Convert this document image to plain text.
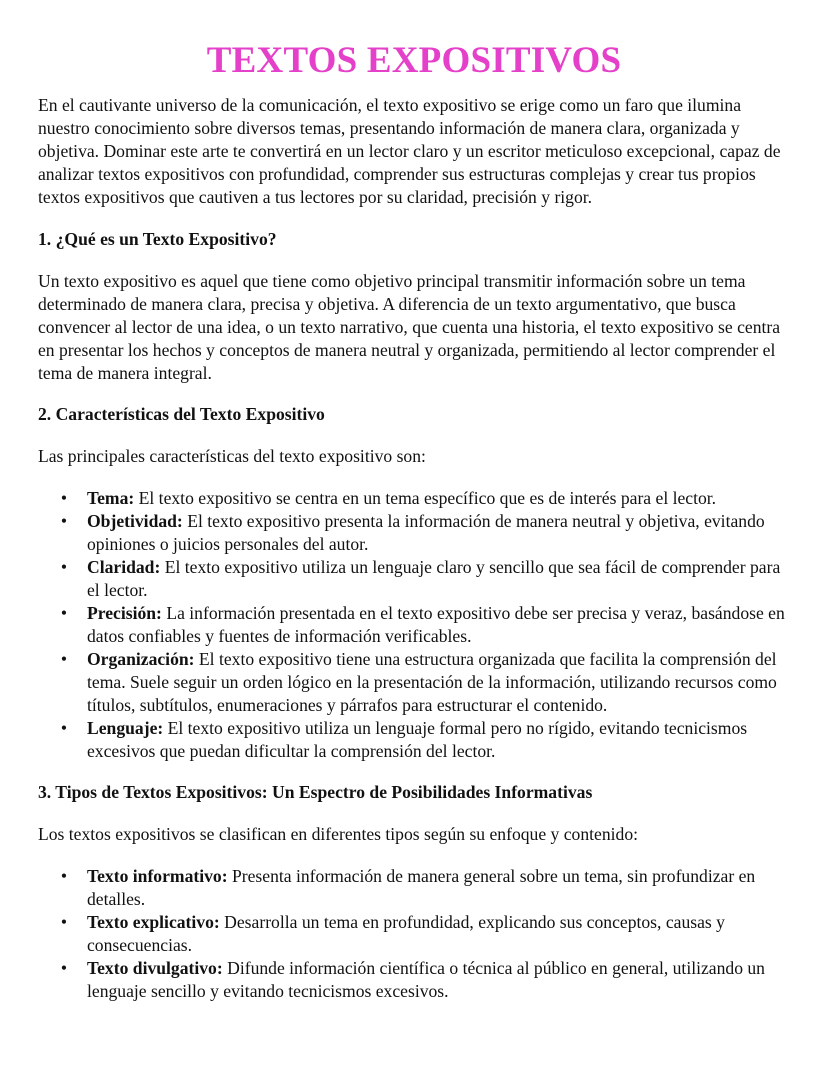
TEXTOS EXPOSITIVOS

En el cautivante universo de la comunicación, el texto expositivo se erige como un faro que ilumina nuestro conocimiento sobre diversos temas, presentando información de manera clara, organizada y objetiva. Dominar este arte te convertirá en un lector claro y un escritor meticuloso excepcional, capaz de analizar textos expositivos con profundidad, comprender sus estructuras complejas y crear tus propios textos expositivos que cautiven a tus lectores por su claridad, precisión y rigor.

1. ¿Qué es un Texto Expositivo?

Un texto expositivo es aquel que tiene como objetivo principal transmitir información sobre un tema determinado de manera clara, precisa y objetiva. A diferencia de un texto argumentativo, que busca convencer al lector de una idea, o un texto narrativo, que cuenta una historia, el texto expositivo se centra en presentar los hechos y conceptos de manera neutral y organizada, permitiendo al lector comprender el tema de manera integral.

2. Características del Texto Expositivo

Las principales características del texto expositivo son:

• Tema: El texto expositivo se centra en un tema específico que es de interés para el lector.
• Objetividad: El texto expositivo presenta la información de manera neutral y objetiva, evitando opiniones o juicios personales del autor.
• Claridad: El texto expositivo utiliza un lenguaje claro y sencillo que sea fácil de comprender para el lector.
• Precisión: La información presentada en el texto expositivo debe ser precisa y veraz, basándose en datos confiables y fuentes de información verificables.
• Organización: El texto expositivo tiene una estructura organizada que facilita la comprensión del tema. Suele seguir un orden lógico en la presentación de la información, utilizando recursos como títulos, subtítulos, enumeraciones y párrafos para estructurar el contenido.
• Lenguaje: El texto expositivo utiliza un lenguaje formal pero no rígido, evitando tecnicismos excesivos que puedan dificultar la comprensión del lector.
3. Tipos de Textos Expositivos: Un Espectro de Posibilidades Informativas

Los textos expositivos se clasifican en diferentes tipos según su enfoque y contenido:

• Texto informativo: Presenta información de manera general sobre un tema, sin profundizar en detalles.
• Texto explicativo: Desarrolla un tema en profundidad, explicando sus conceptos, causas y consecuencias.
• Texto divulgativo: Difunde información científica o técnica al público en general, utilizando un lenguaje sencillo y evitando tecnicismos excesivos.
